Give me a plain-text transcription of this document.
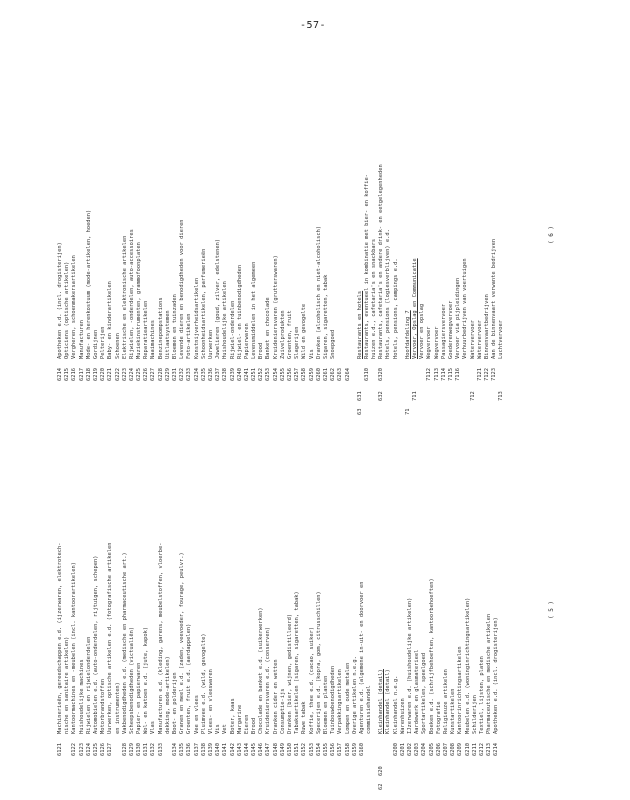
-57-
6121
Machinerieën, gereedschappen e.d. (ijzerwaren, elektrotech- nische en sanitaire artikelen)
6122
Kantoormachines en -meubelen (incl. kantoorartikelen)
6123
Huishoudelijke machines
6124
Rijwielen en rijwielonderdelen
6125
Automobielen e.d. (auto-onderdelen, rijtuigen, schepen)
6126
Motorbrandstoffen
6127
Uurwerken, optische artikelen e.d. (fotografische artikelen en instrumenten)
6128
Vakbenodigdheden e.d. (medische en pharmaceutische art.)
6129
Scheepsbenodigdheden (victualiën)
6130
Papier- en papierwaren
6131
Wol- en katoen e.d. (jute, kapok)
6132
Vlas
6133
Manufacturen e.d. (kleding, garens, meubelstoffen, vloerbe- dekking, mode-artikelen)
6134
Boot- en polderijen
6135
Granen en meel e.d. (zaden, veevoeder, fourage, peulvr.)
6136
Groenten, fruit e.d. (aardappelen)
6137
Vee en vlees
6138
Pluimvee e.d. (wild, gevogelte)
6139
Vlees- en vleeswaren
6140
Vis
6141
Vet
6142
Boter, kaas
6143
Margarine
6144
Eieren
6145
Brood
6146
Chocolade en banket e.d. (suikerwerken)
6147
Kruideniersvaren e.d. (conserven)
6148
Dranken cider en wetten
6149
Consumptie-ijs
6150
Dranken (bier, wijnen, gedistilleerd)
6151
Tabaksartikelen (sigaren, sigaretten, tabak)
6152
Ruwe tabak
6153
Koffie, thee e.d. (cacao, suiker)
6154
Specerijen e.d. (kopra, gom, citrusschillen)
6155
Bloemen en planten
6156
Tuinbouwbenodigdheden
6157
Verpakkingsartikelen
6158
Lompen en oude metalen
6159
Overige artikelen n.e.g.
6160
Agenturen e.d. (algemene in-uit- en doorvoer en commissiehandel
62
620
Kleinhandel (detail) Kleinhandel (detail)
6200
Kleinhandel n.e.g.
6201
Warenhuizen
6202
IJzerwaren e.d. (huishoudelijke artikelen)
6203
Aardewerk en glasmaterieel
6204
Sportartikelen, speelgoed
6205
Boeken e.d. (schrijfbehoeften, kantoorbehoeften)
6206
Fotografie
6207
Religieuze artikelen
6208
Kunstartikelen
6209
Kantoorinrichtingsartikelen
6210
Meubelen e.d. (woninginrichtingsartikelen)
6211
Schilderijen
6212
Textiel, lijsten, platen
6213
Pharmaceutische en medische artikelen
6214
Apotheken e.d. (incl. drogisterijen)
( 5 )
6214
Apotheken e.d. (incl. drogisterijen)
6215
Opticiens (optische artikelen)
6216
Vergheren, schoenmakersartikelen
6217
Manufacturen
6218
Mode- en herenkostuum (mode-artikelen, hoeden)
6219
Gordijnen
6220
Pelterijen
6221
Baby- en kinderartikelen
6222
Schoenen
6223
Elektrische en elektronische artikelen
6224
Rijwielen, -onderdelen, auto-accessoires
6225
Muziekinstrumenten, grammofoonplaten
6226
Reparatieartikelen
6227
Naaimachines
6228
Benzinepompstations
6229
Uitlaatsystemen
6231
Bloemen en tuinzaden
6232
Levende dieren en benodigdheden voor dieren
6233
Foto-artikelen
6234
Kunstnijverheidsartikelen
6235
Schoonheidsartikelen, parfumerieën
6236
Uurwerken
6237
Juwelieren (goud, zilver, edelstenen)
6238
Huishoudelijke artikelen
6239
Rijwiel-onderdelen
6240
Rijwiel- en tuinbenodigdheden
6241
Papierwaren
6251
Levensmiddelen in het algemeen
6252
Brood
6253
Banket en chocolade
6254
Kruideniersvaren (grutterswaren)
6255
Zuivelprodukten
6256
Groenten, fruit
6257
Slagerijen
6258
Wild en gevogelte
6259
Vis
6260
Dranken (alcoholisch en niet-alcoholisch)
6261
Sigaren, sigaretten, tabak
6262
Snoepgoed
6263 6264
63
631
Restaurants en hotels
6310
Restaurants, eventueel in kombinatie met bier- en koffie- huizen e.d., cafetaria's en snackbars
632
6320
Restaurants, cafetaria's en andere drink- en eetgelegenheden Hotels, pensions (logiesverblijven) e.d. Hotels, pensions, campings e.d.
71
Hoofdafdeling 7
711
Vervoer, Opslag en Communicatie Vervoer en opslag
7112
Wegvervoer
7113
Wegvervoer
7114
Passagiersvervoer
7115
Goederenwegvervoer
7116
Vervoer via pijpleidingen Verhuurbedrijven van voertuigen
712
Watervervoer
7121
Watervervoer
7122
Binnenvaartbedrijven
7123
Aan de binnenvaart verwante bedrijven
713
Luchtvervoer
( 6 )
